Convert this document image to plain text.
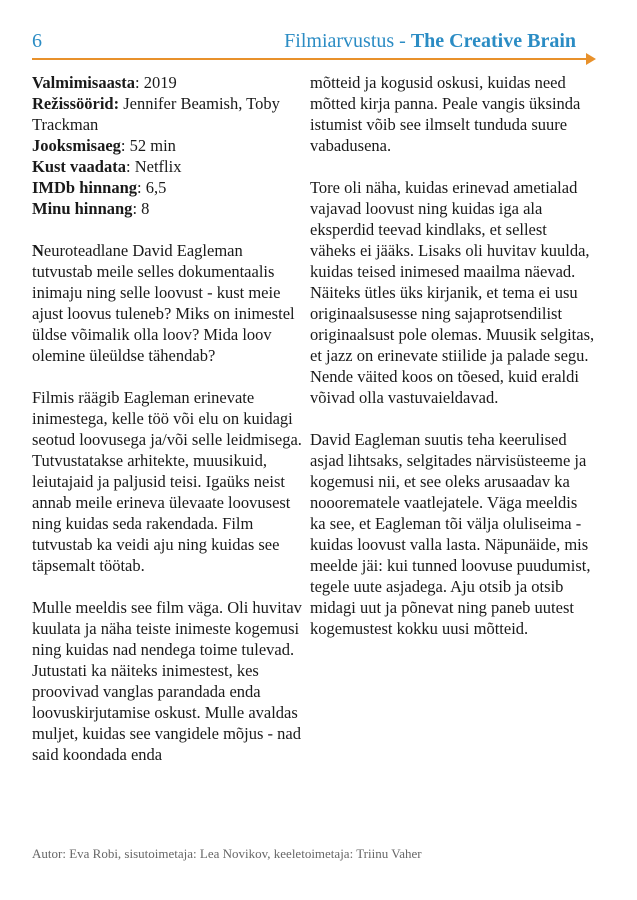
6	Filmiarvustus - The Creative Brain
Valmimisaasta: 2019
Režissöörid: Jennifer Beamish, Toby Trackman
Jooksmisaeg: 52 min
Kust vaadata: Netflix
IMDb hinnang: 6,5
Minu hinnang: 8

Neuroteadlane David Eagleman tutvustab meile selles dokumentaalis inimaju ning selle loovust - kust meie ajust loovus tuleneb? Miks on inimestel üldse võimalik olla loov? Mida loov olemine üleüldse tähendab?

Filmis räägib Eagleman erinevate inimestega, kelle töö või elu on kuidagi seotud loovusega ja/või selle leidmisega. Tutvustatakse arhitekte, muusikuid, leiutajaid ja paljusid teisi. Igaüks neist annab meile erineva ülevaate loovusest ning kuidas seda rakendada. Film tutvustab ka veidi aju ning kuidas see täpsemalt töötab.

Mulle meeldis see film väga. Oli huvitav kuulata ja näha teiste inimeste kogemusi ning kuidas nad nendega toime tulevad. Jutustati ka näiteks inimestest, kes proovivad vanglas parandada enda loovuskirjutamise oskust. Mulle avaldas muljet, kuidas see vangidele mõjus - nad said koondada enda

mõtteid ja kogusid oskusi, kuidas need mõtted kirja panna. Peale vangis üksinda istumist võib see ilmselt tunduda suure vabadusena.

Tore oli näha, kuidas erinevad ametialad vajavad loovust ning kuidas iga ala eksperdid teevad kindlaks, et sellest väheks ei jääks. Lisaks oli huvitav kuulda, kuidas teised inimesed maailma näevad. Näiteks ütles üks kirjanik, et tema ei usu originaalsusesse ning sajaprotsendilist originaalsust pole olemas. Muusik selgitas, et jazz on erinevate stiilide ja palade segu. Nende väited koos on tõesed, kuid eraldi võivad olla vastuvaieldavad.

David Eagleman suutis teha keerulised asjad lihtsaks, selgitades närvisüsteeme ja kogemusi nii, et see oleks arusaadav ka nooorematele vaatlejatele. Väga meeldis ka see, et Eagleman tõi välja oluliseima - kuidas loovust valla lasta. Näpunäide, mis meelde jäi: kui tunned loovuse puudumist, tegele uute asjadega. Aju otsib ja otsib midagi uut ja põnevat ning paneb uutest kogemustest kokku uusi mõtteid.

Autor: Eva Robi, sisutoimetaja: Lea Novikov, keeletoimetaja: Triinu Vaher
